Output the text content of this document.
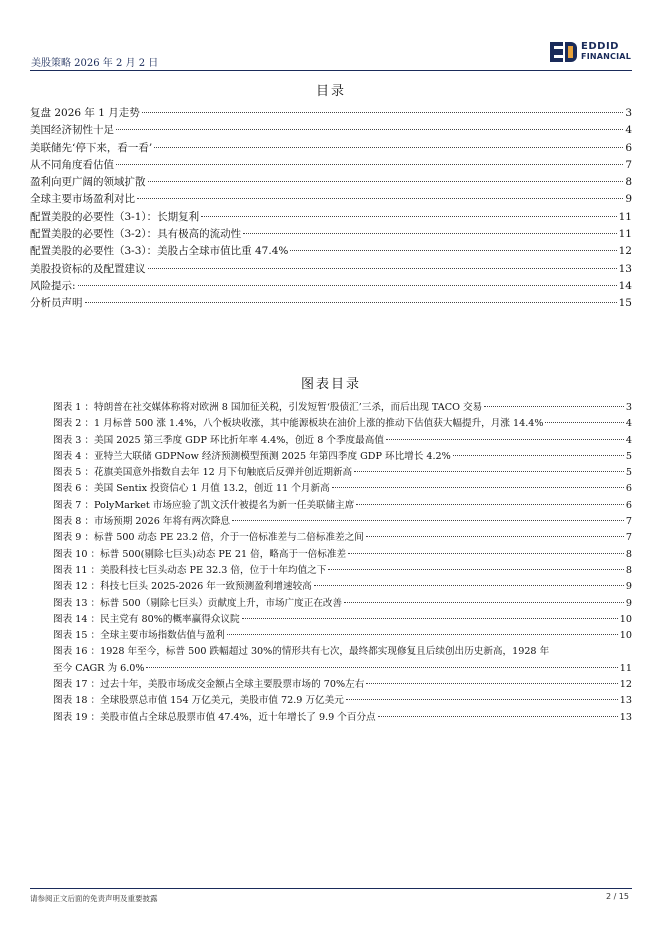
美股策略 2026 年 2 月 2 日
EDDID
FINANCIAL
目录
复盘 2026 年 1 月走势	3
美国经济韧性十足	4
美联储先‘停下来，看一看’	6
从不同角度看估值	7
盈利向更广阔的领域扩散	8
全球主要市场盈利对比	9
配置美股的必要性（3-1）：长期复利	11
配置美股的必要性（3-2）：具有极高的流动性	11
配置美股的必要性（3-3）：美股占全球市值比重 47.4%	12
美股投资标的及配置建议	13
风险提示:	14
分析员声明	15
图表目录
图表 1 ： 特朗普在社交媒体称将对欧洲 8 国加征关税，引发短暂‘股债汇’三杀，而后出现 TACO 交易	3
图表 2 ： 1 月标普 500 涨 1.4%，八个板块收涨，其中能源板块在油价上涨的推动下估值获大幅提升，月涨 14.4%	4
图表 3 ： 美国 2025 第三季度 GDP 环比折年率 4.4%，创近 8 个季度最高值	4
图表 4 ： 亚特兰大联储 GDPNow 经济预测模型预测 2025 年第四季度 GDP 环比增长 4.2%	5
图表 5 ： 花旗美国意外指数自去年 12 月下旬触底后反弹并创近期新高	5
图表 6 ： 美国 Sentix 投资信心 1 月值 13.2，创近 11 个月新高	6
图表 7 ： PolyMarket 市场应验了凯文沃什被提名为新一任美联储主席	6
图表 8 ： 市场预期 2026 年将有两次降息	7
图表 9 ： 标普 500 动态 PE 23.2 倍，介于一倍标准差与二倍标准差之间	7
图表 10 ： 标普 500(剔除七巨头)动态 PE 21 倍，略高于一倍标准差	8
图表 11 ： 美股科技七巨头动态 PE 32.3 倍，位于十年均值之下	8
图表 12 ： 科技七巨头 2025-2026 年一致预测盈利增速较高	9
图表 13 ： 标普 500（剔除七巨头）贡献度上升，市场广度正在改善	9
图表 14 ： 民主党有 80%的概率赢得众议院	10
图表 15 ： 全球主要市场指数估值与盈利	10
图表 16 ：1928 年至今，标普 500 跌幅超过 30%的情形共有七次，最终都实现修复且后续创出历史新高，1928 年
至今 CAGR 为 6.0%	11
图表 17 ： 过去十年，美股市场成交金额占全球主要股票市场的 70%左右	12
图表 18 ： 全球股票总市值 154 万亿美元，美股市值 72.9 万亿美元	13
图表 19 ： 美股市值占全球总股票市值 47.4%，近十年增长了 9.9 个百分点	13
请参阅正文后面的免责声明及重要披露	2 / 15
